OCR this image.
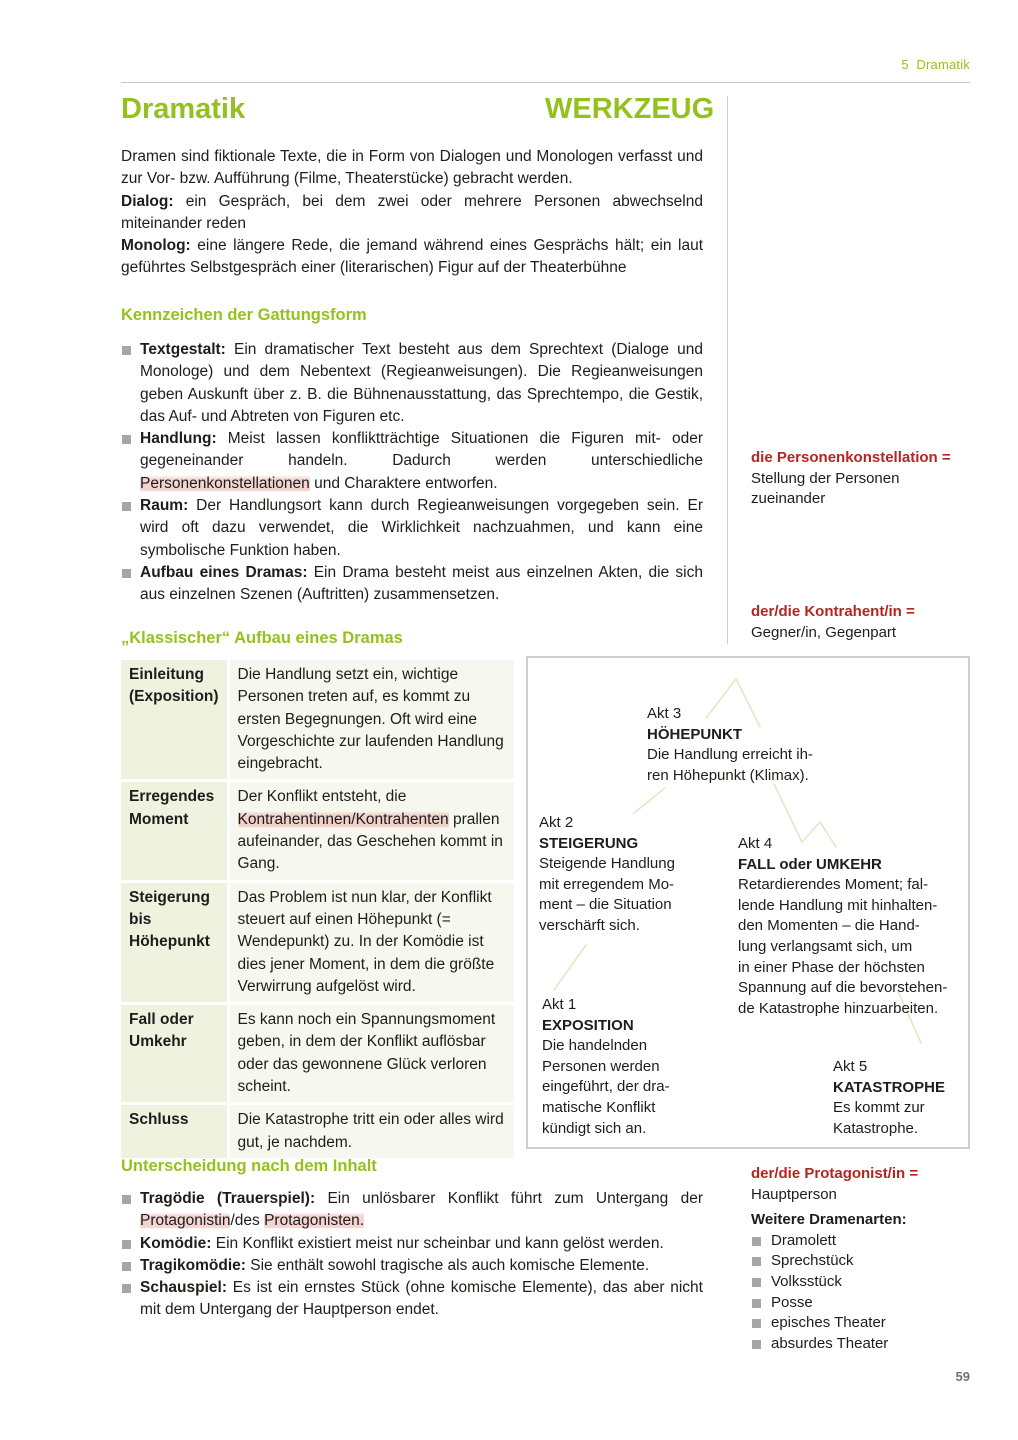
5 Dramatik
Dramatik	WERKZEUG

Dramen sind fiktionale Texte, die in Form von Dialogen und Monologen verfasst und zur Vor- bzw. Aufführung (Filme, Theaterstücke) gebracht werden.

Dialog: ein Gespräch, bei dem zwei oder mehrere Personen abwechselnd miteinander reden

Monolog: eine längere Rede, die jemand während eines Gesprächs hält; ein laut geführtes Selbstgespräch einer (literarischen) Figur auf der Theaterbühne

Kennzeichen der Gattungsform
Textgestalt: Ein dramatischer Text besteht aus dem Sprechtext (Dialoge und Monologe) und dem Nebentext (Regieanweisungen). Die Regieanweisungen geben Auskunft über z. B. die Bühnenausstattung, das Sprechtempo, die Gestik, das Auf- und Abtreten von Figuren etc.
Handlung: Meist lassen konfliktträchtige Situationen die Figuren mit- oder gegeneinander handeln. Dadurch werden unterschiedliche Personenkonstellationen und Charaktere entworfen.
Raum: Der Handlungsort kann durch Regieanweisungen vorgegeben sein. Er wird oft dazu verwendet, die Wirklichkeit nachzuahmen, und kann eine symbolische Funktion haben.
Aufbau eines Dramas: Ein Drama besteht meist aus einzelnen Akten, die sich aus einzelnen Szenen (Auftritten) zusammensetzen.
„Klassischer“ Aufbau eines Dramas
Einleitung (Exposition)	Die Handlung setzt ein, wichtige Personen treten auf, es kommt zu ersten Begegnungen. Oft wird eine Vorgeschichte zur laufenden Handlung eingebracht.
Erregendes Moment	Der Konflikt entsteht, die Kontrahentinnen/Kontrahenten prallen aufeinander, das Geschehen kommt in Gang.
Steigerung bis Höhepunkt	Das Problem ist nun klar, der Konflikt steuert auf einen Höhepunkt (= Wendepunkt) zu. In der Komödie ist dies jener Moment, in dem die größte Verwirrung aufgelöst wird.
Fall oder Umkehr	Es kann noch ein Spannungsmoment geben, in dem der Konflikt auflösbar oder das gewonnene Glück verloren scheint.
Schluss	Die Katastrophe tritt ein oder alles wird gut, je nachdem.
Akt 1
EXPOSITION
Die handelnden
Personen werden
eingeführt, der dra-
matische Konflikt
kündigt sich an.
Akt 2
STEIGERUNG
Steigende Handlung
mit erregendem Mo-
ment – die Situation
verschärft sich.
Akt 3
HÖHEPUNKT
Die Handlung erreicht ih-
ren Höhepunkt (Klimax).
Akt 4
FALL oder UMKEHR
Retardierendes Moment; fal-
lende Handlung mit hinhalten-
den Momenten – die Hand-
lung verlangsamt sich, um
in einer Phase der höchsten
Spannung auf die bevorstehen-
de Katastrophe hinzuarbeiten.
Akt 5
KATASTROPHE
Es kommt zur
Katastrophe.
Unterscheidung nach dem Inhalt
Tragödie (Trauerspiel): Ein unlösbarer Konflikt führt zum Untergang der Protagonistin/des Protagonisten.
Komödie: Ein Konflikt existiert meist nur scheinbar und kann gelöst werden.
Tragikomödie: Sie enthält sowohl tragische als auch komische Elemente.
Schauspiel: Es ist ein ernstes Stück (ohne komische Elemente), das aber nicht mit dem Untergang der Hauptperson endet.
die Personenkonstellation =
Stellung der Personen zueinander
der/die Kontrahent/in = Gegner/in, Gegenpart
der/die Protagonist/in =
Hauptperson
Weitere Dramenarten:
Dramolett
Sprechstück
Volksstück
Posse
episches Theater
absurdes Theater
59
